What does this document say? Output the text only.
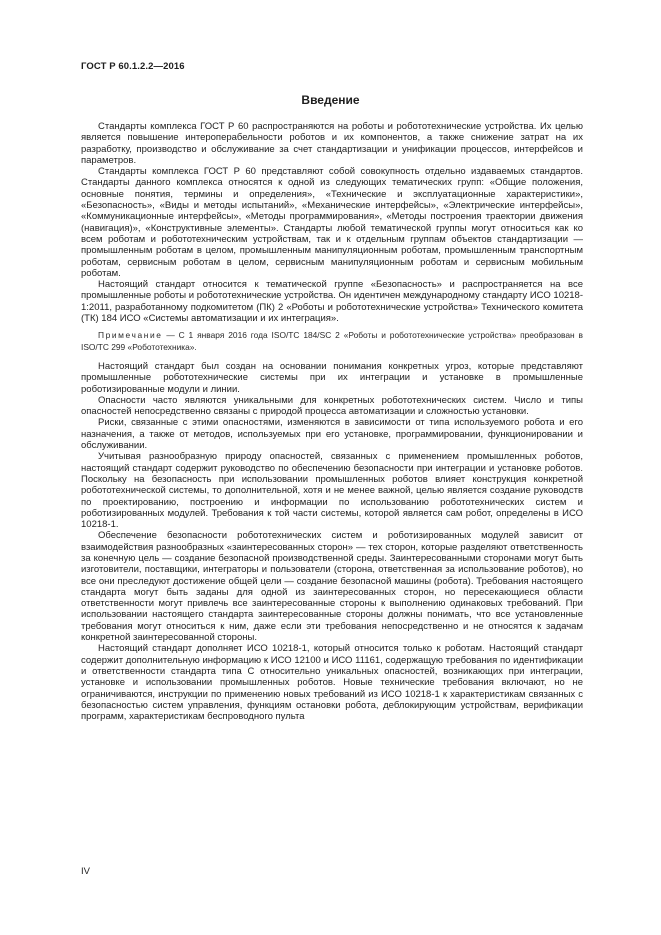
ГОСТ Р 60.1.2.2—2016

Введение

Стандарты комплекса ГОСТ Р 60 распространяются на роботы и робототехнические устройства. Их целью является повышение интероперабельности роботов и их компонентов, а также снижение затрат на их разработку, производство и обслуживание за счет стандартизации и унификации процессов, интерфейсов и параметров.

Стандарты комплекса ГОСТ Р 60 представляют собой совокупность отдельно издаваемых стандартов. Стандарты данного комплекса относятся к одной из следующих тематических групп: «Общие положения, основные понятия, термины и определения», «Технические и эксплуатационные характеристики», «Безопасность», «Виды и методы испытаний», «Механические интерфейсы», «Электрические интерфейсы», «Коммуникационные интерфейсы», «Методы программирования», «Методы построения траектории движения (навигация)», «Конструктивные элементы». Стандарты любой тематической группы могут относиться как ко всем роботам и робототехническим устройствам, так и к отдельным группам объектов стандартизации — промышленным роботам в целом, промышленным манипуляционным роботам, промышленным транспортным роботам, сервисным роботам в целом, сервисным манипуляционным роботам и сервисным мобильным роботам.

Настоящий стандарт относится к тематической группе «Безопасность» и распространяется на все промышленные роботы и робототехнические устройства. Он идентичен международному стандарту ИСО 10218-1:2011, разработанному подкомитетом (ПК) 2 «Роботы и робототехнические устройства» Технического комитета (ТК) 184 ИСО «Системы автоматизации и их интеграция».

Примечание — С 1 января 2016 года ISO/TC 184/SC 2 «Роботы и робототехнические устройства» преобразован в ISO/TC 299 «Робототехника».

Настоящий стандарт был создан на основании понимания конкретных угроз, которые представляют промышленные робототехнические системы при их интеграции и установке в промышленные роботизированные модули и линии.

Опасности часто являются уникальными для конкретных робототехнических систем. Число и типы опасностей непосредственно связаны с природой процесса автоматизации и сложностью установки.

Риски, связанные с этими опасностями, изменяются в зависимости от типа используемого робота и его назначения, а также от методов, используемых при его установке, программировании, функционировании и обслуживании.

Учитывая разнообразную природу опасностей, связанных с применением промышленных роботов, настоящий стандарт содержит руководство по обеспечению безопасности при интеграции и установке роботов. Поскольку на безопасность при использовании промышленных роботов влияет конструкция конкретной робототехнической системы, то дополнительной, хотя и не менее важной, целью является создание руководств по проектированию, построению и информации по использованию робототехнических систем и роботизированных модулей. Требования к той части системы, которой является сам робот, определены в ИСО 10218-1.

Обеспечение безопасности робототехнических систем и роботизированных модулей зависит от взаимодействия разнообразных «заинтересованных сторон» — тех сторон, которые разделяют ответственность за конечную цель — создание безопасной производственной среды. Заинтересованными сторонами могут быть изготовители, поставщики, интеграторы и пользователи (сторона, ответственная за использование роботов), но все они преследуют достижение общей цели — создание безопасной машины (робота). Требования настоящего стандарта могут быть заданы для одной из заинтересованных сторон, но пересекающиеся области ответственности могут привлечь все заинтересованные стороны к выполнению одинаковых требований. При использовании настоящего стандарта заинтересованные стороны должны понимать, что все установленные требования могут относиться к ним, даже если эти требования непосредственно и не относятся к задачам конкретной заинтересованной стороны.

Настоящий стандарт дополняет ИСО 10218-1, который относится только к роботам. Настоящий стандарт содержит дополнительную информацию к ИСО 12100 и ИСО 11161, содержащую требования по идентификации и ответственности стандарта типа С относительно уникальных опасностей, возникающих при интеграции, установке и использовании промышленных роботов. Новые технические требования включают, но не ограничиваются, инструкции по применению новых требований из ИСО 10218-1 к характеристикам связанных с безопасностью систем управления, функциям остановки робота, деблокирующим устройствам, верификации программ, характеристикам беспроводного пульта

IV
